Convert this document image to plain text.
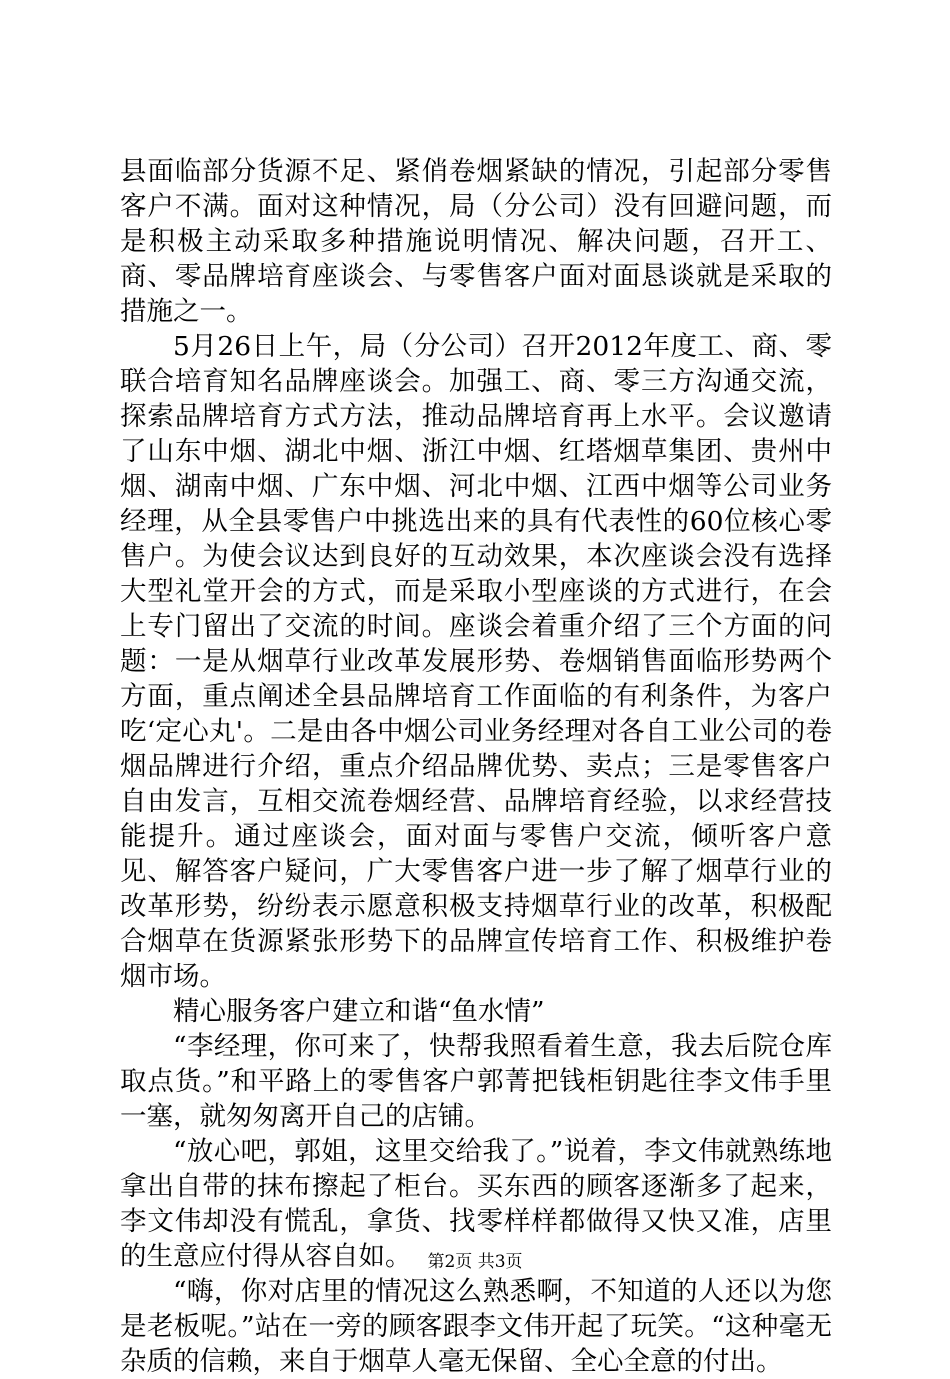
县面临部分货源不足、紧俏卷烟紧缺的情况，引起部分零售客户不满。面对这种情况，局（分公司）没有回避问题，而是积极主动采取多种措施说明情况、解决问题，召开工、商、零品牌培育座谈会、与零售客户面对面恳谈就是采取的措施之一。

5月26日上午，局（分公司）召开2012年度工、商、零联合培育知名品牌座谈会。加强工、商、零三方沟通交流，探索品牌培育方式方法，推动品牌培育再上水平。会议邀请了山东中烟、湖北中烟、浙江中烟、红塔烟草集团、贵州中烟、湖南中烟、广东中烟、河北中烟、江西中烟等公司业务经理，从全县零售户中挑选出来的具有代表性的60位核心零售户。为使会议达到良好的互动效果，本次座谈会没有选择大型礼堂开会的方式，而是采取小型座谈的方式进行，在会上专门留出了交流的时间。座谈会着重介绍了三个方面的问题：一是从烟草行业改革发展形势、卷烟销售面临形势两个方面，重点阐述全县品牌培育工作面临的有利条件，为客户吃‘定心丸'。二是由各中烟公司业务经理对各自工业公司的卷烟品牌进行介绍，重点介绍品牌优势、卖点；三是零售客户自由发言，互相交流卷烟经营、品牌培育经验，以求经营技能提升。通过座谈会，面对面与零售户交流，倾听客户意见、解答客户疑问，广大零售客户进一步了解了烟草行业的改革形势，纷纷表示愿意积极支持烟草行业的改革，积极配合烟草在货源紧张形势下的品牌宣传培育工作、积极维护卷烟市场。

精心服务客户建立和谐“鱼水情”

“李经理，你可来了，快帮我照看着生意，我去后院仓库取点货。”和平路上的零售客户郭菁把钱柜钥匙往李文伟手里一塞，就匆匆离开自己的店铺。

“放心吧，郭姐，这里交给我了。”说着，李文伟就熟练地拿出自带的抹布擦起了柜台。买东西的顾客逐渐多了起来，李文伟却没有慌乱，拿货、找零样样都做得又快又准，店里的生意应付得从容自如。

“嗨，你对店里的情况这么熟悉啊，不知道的人还以为您是老板呢。”站在一旁的顾客跟李文伟开起了玩笑。“这种毫无杂质的信赖，来自于烟草人毫无保留、全心全意的付出。

第2页 共3页
